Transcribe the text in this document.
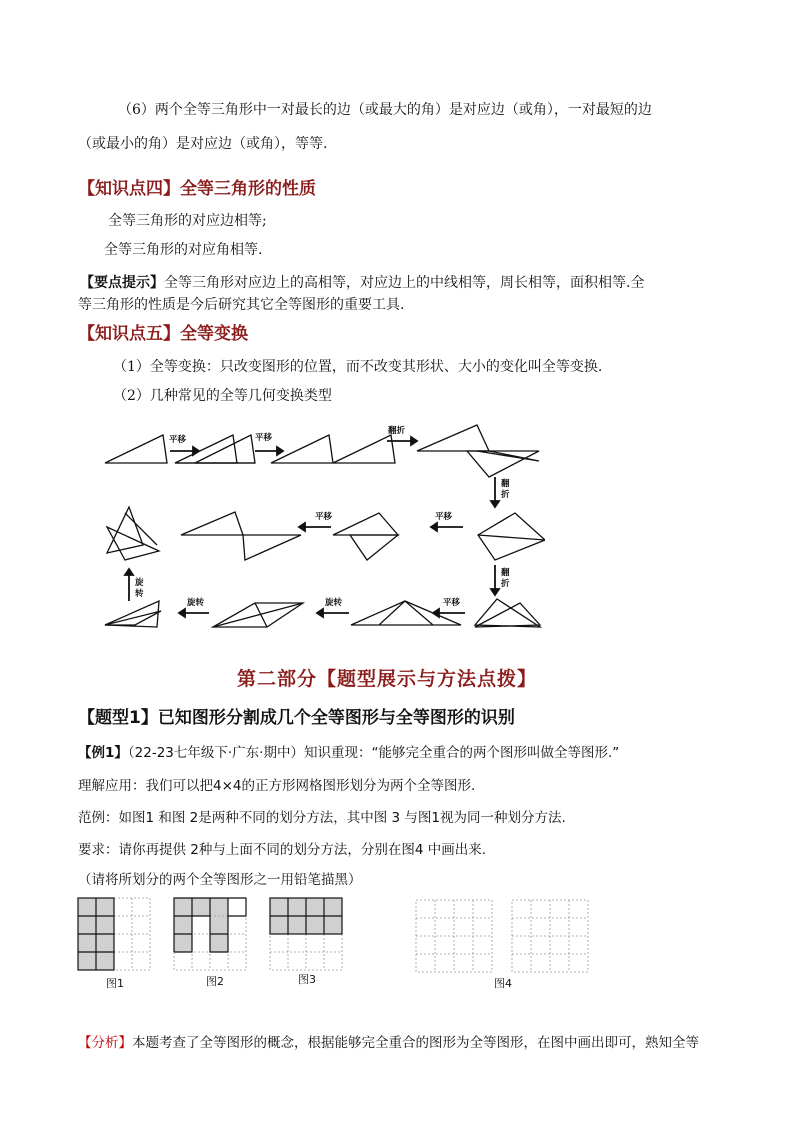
（6）两个全等三角形中一对最长的边（或最大的角）是对应边（或角），一对最短的边
（或最小的角）是对应边（或角），等等.
【知识点四】全等三角形的性质
全等三角形的对应边相等;
全等三角形的对应角相等.
【要点提示】全等三角形对应边上的高相等，对应边上的中线相等，周长相等，面积相等.全
等三角形的性质是今后研究其它全等图形的重要工具.
【知识点五】全等变换
（1）全等变换：只改变图形的位置，而不改变其形状、大小的变化叫全等变换.
（2）几种常见的全等几何变换类型
平移	平移
翻折
翻
折
平移
平移
翻
折
平移
旋转
旋转
旋
转
第二部分【题型展示与方法点拨】
【题型1】已知图形分割成几个全等图形与全等图形的识别
【例1】（22-23七年级下·广东·期中）知识重现：“能够完全重合的两个图形叫做全等图形.”
理解应用：我们可以把4×4的正方形网格图形划分为两个全等图形.
范例：如图1 和图 2是两种不同的划分方法，其中图 3 与图1视为同一种划分方法.
要求：请你再提供 2种与上面不同的划分方法，分别在图4 中画出来.
（请将所划分的两个全等图形之一用铅笔描黑）
图1	图2	图3	图4
【分析】本题考查了全等图形的概念，根据能够完全重合的图形为全等图形，在图中画出即可，熟知全等
